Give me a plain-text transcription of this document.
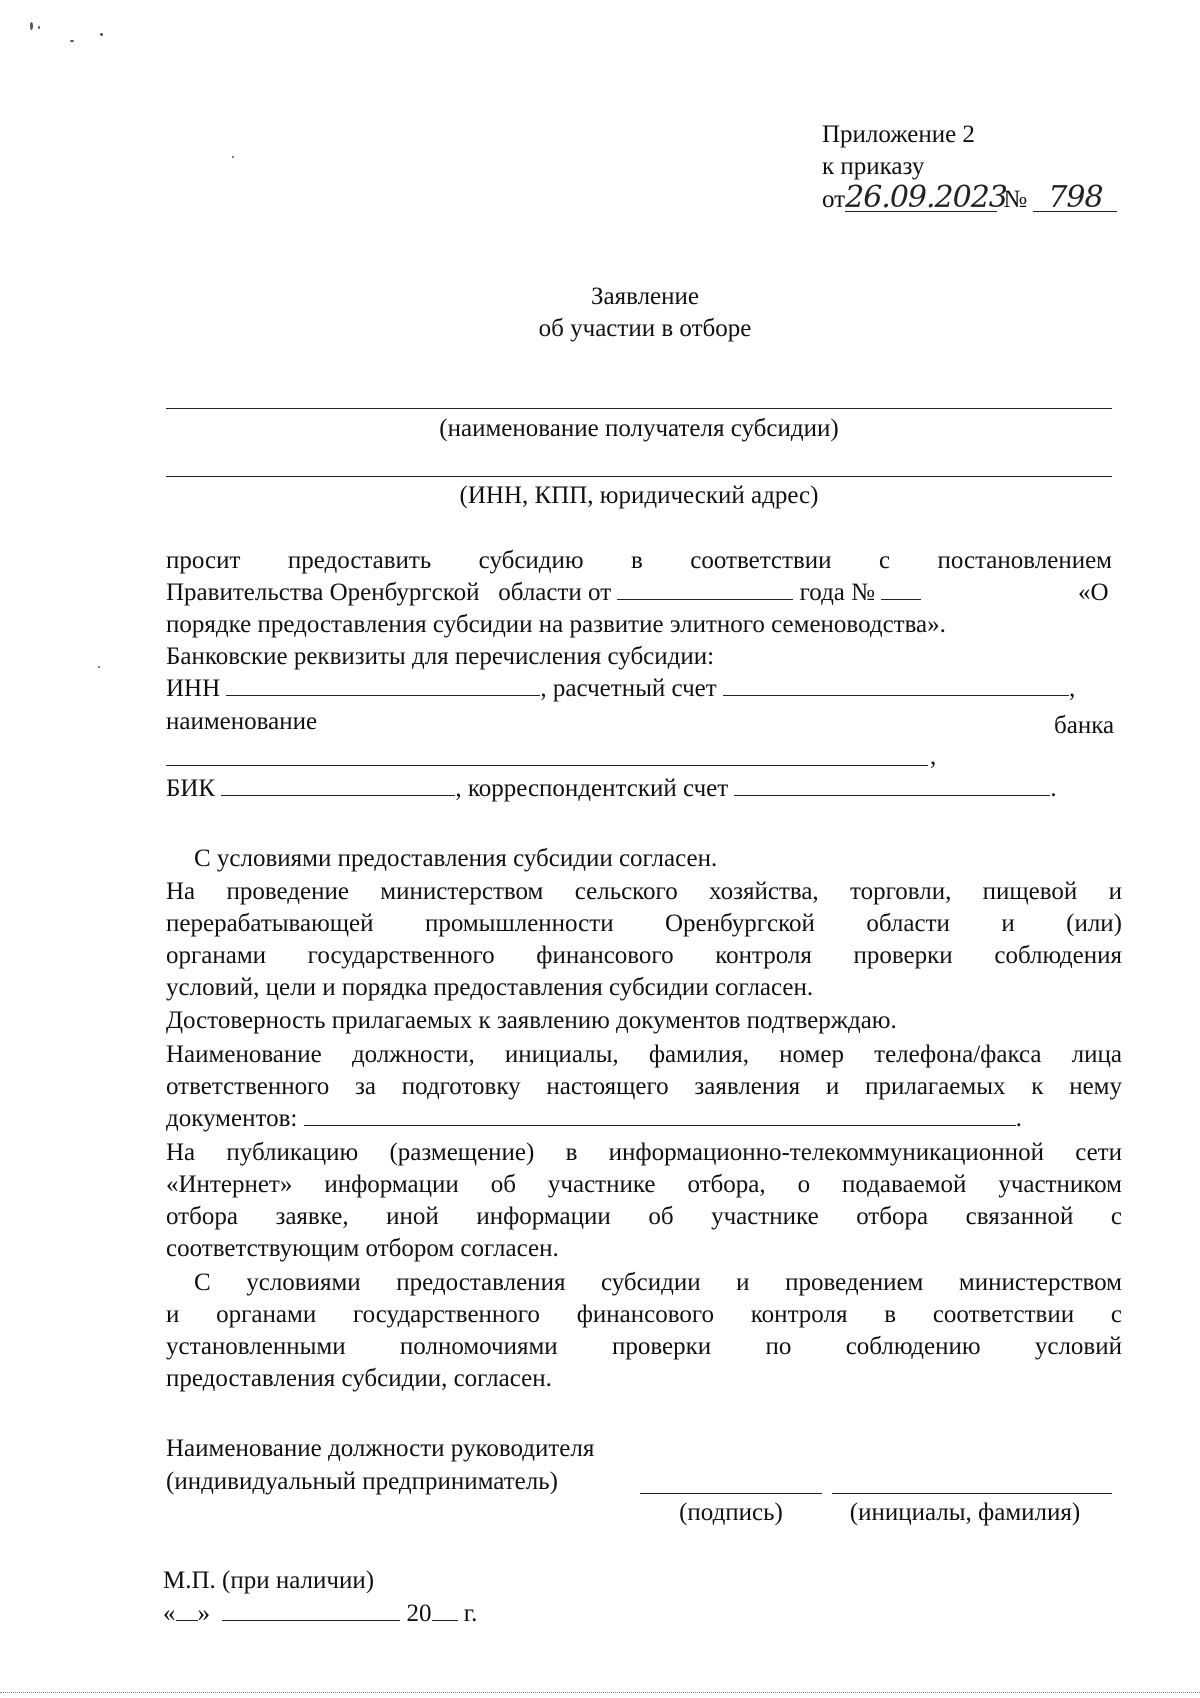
Приложение 2
к приказу
от26.09.2023 № 798
Заявление
об участии в отборе
(наименование получателя субсидии)
(ИНН, КПП, юридический адрес)
просит предоставить субсидию в соответствии с постановлением
Правительства Оренбургской области от	года №	«О
порядке предоставления субсидии на развитие элитного семеноводства».
Банковские реквизиты для перечисления субсидии:
ИНН	, расчетный счет	,
наименование	банка
,
БИК	, корреспондентский счет	.
С условиями предоставления субсидии согласен.
На проведение министерством сельского хозяйства, торговли, пищевой и
перерабатывающей промышленности Оренбургской области и (или)
органами государственного финансового контроля проверки соблюдения
условий, цели и порядка предоставления субсидии согласен.
Достоверность прилагаемых к заявлению документов подтверждаю.
Наименование должности, инициалы, фамилия, номер телефона/факса лица
ответственного за подготовку настоящего заявления и прилагаемых к нему
документов:	.
На публикацию (размещение) в информационно-телекоммуникационной сети
«Интернет» информации об участнике отбора, о подаваемой участником
отбора заявке, иной информации об участнике отбора связанной с
соответствующим отбором согласен.
С условиями предоставления субсидии и проведением министерством
и органами государственного финансового контроля в соответствии с
установленными полномочиями проверки по соблюдению условий
предоставления субсидии, согласен.
Наименование должности руководителя
(индивидуальный предприниматель)
(подпись)	(инициалы, фамилия)
М.П. (при наличии)
« »	20 г.
